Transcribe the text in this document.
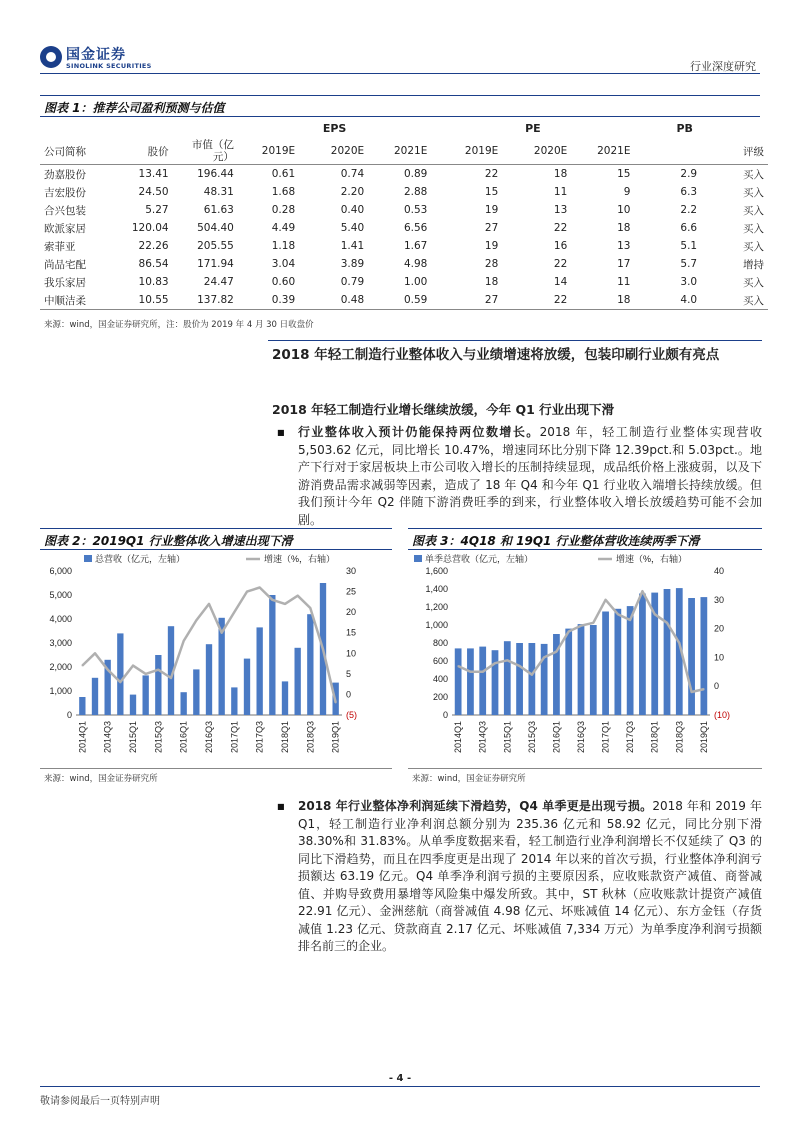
国金证券
SINOLINK SECURITIES	行业深度研究
图表 1：推荐公司盈利预测与估值
			EPS			PE			PB	
公司简称	股价	市值（亿元）	2019E	2020E	2021E	2019E	2020E	2021E		评级
劲嘉股份	13.41	196.44	0.61	0.74	0.89	22	18	15	2.9	买入
吉宏股份	24.50	48.31	1.68	2.20	2.88	15	11	9	6.3	买入
合兴包装	5.27	61.63	0.28	0.40	0.53	19	13	10	2.2	买入
欧派家居	120.04	504.40	4.49	5.40	6.56	27	22	18	6.6	买入
索菲亚	22.26	205.55	1.18	1.41	1.67	19	16	13	5.1	买入
尚品宅配	86.54	171.94	3.04	3.89	4.98	28	22	17	5.7	增持
我乐家居	10.83	24.47	0.60	0.79	1.00	18	14	11	3.0	买入
中顺洁柔	10.55	137.82	0.39	0.48	0.59	27	22	18	4.0	买入
来源：wind，国金证券研究所，注：股价为 2019 年 4 月 30 日收盘价
2018 年轻工制造行业整体收入与业绩增速将放缓，包装印刷行业颇有亮点
2018 年轻工制造行业增长继续放缓，今年 Q1 行业出现下滑
■ 行业整体收入预计仍能保持两位数增长。2018 年，轻工制造行业整体实现营收 5,503.62 亿元，同比增长 10.47%，增速同环比分别下降 12.39pct.和 5.03pct.。地产下行对于家居板块上市公司收入增长的压制持续显现，成品纸价格上涨疲弱，以及下游消费品需求减弱等因素，造成了 18 年 Q4 和今年 Q1 行业收入端增长持续放缓。但我们预计今年 Q2 伴随下游消费旺季的到来，行业整体收入增长放缓趋势可能不会加剧。
图表 2：2019Q1 行业整体收入增速出现下滑
总营收（亿元，左轴）	增速（%，右轴）
0
1,000
2,000
3,000
4,000
5,000
6,000
(5)
0
5
10
15
20
25
30
2014Q1 2014Q3 2015Q1 2015Q3 2016Q1 2016Q3 2017Q1 2017Q3 2018Q1 2018Q3 2019Q1
来源：wind，国金证券研究所
图表 3：4Q18 和 19Q1 行业整体营收连续两季下滑
单季总营收（亿元，左轴）	增速（%，右轴）
0
200
400
600
800
1,000
1,200
1,400
1,600
(10)
0
10
20
30
40
2014Q1 2014Q3 2015Q1 2015Q3 2016Q1 2016Q3 2017Q1 2017Q3 2018Q1 2018Q3 2019Q1
来源：wind，国金证券研究所
■ 2018 年行业整体净利润延续下滑趋势，Q4 单季更是出现亏损。2018 年和 2019 年 Q1，轻工制造行业净利润总额分别为 235.36 亿元和 58.92 亿元，同比分别下滑 38.30%和 31.83%。从单季度数据来看，轻工制造行业净利润增长不仅延续了 Q3 的同比下滑趋势，而且在四季度更是出现了 2014 年以来的首次亏损，行业整体净利润亏损额达 63.19 亿元。Q4 单季净利润亏损的主要原因系，应收账款资产减值、商誉减值、并购导致费用暴增等风险集中爆发所致。其中，ST 秋林（应收账款计提资产减值 22.91 亿元）、金洲慈航（商誉减值 4.98 亿元、坏账减值 14 亿元）、东方金钰（存货减值 1.23 亿元、贷款商直 2.17 亿元、坏账减值 7,334 万元）为单季度净利润亏损额排名前三的企业。
- 4 -
敬请参阅最后一页特别声明
